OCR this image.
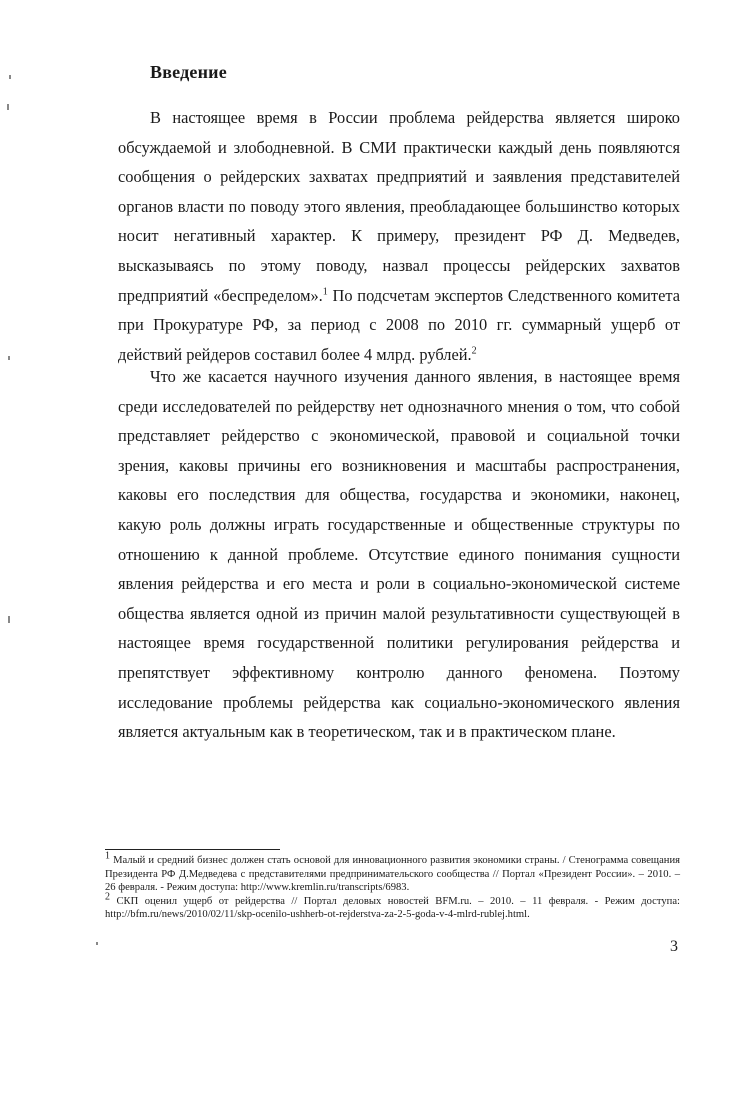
Введение

В настоящее время в России проблема рейдерства является широко обсуждаемой и злободневной. В СМИ практически каждый день появляются сообщения о рейдерских захватах предприятий и заявления представителей органов власти по поводу этого явления, преобладающее большинство которых носит негативный характер. К примеру, президент РФ Д. Медведев, высказываясь по этому поводу, назвал процессы рейдерских захватов предприятий «беспределом».$^1$ По подсчетам экспертов Следственного комитета при Прокуратуре РФ, за период с 2008 по 2010 гг. суммарный ущерб от действий рейдеров составил более 4 млрд. рублей.$^2$

Что же касается научного изучения данного явления, в настоящее время среди исследователей по рейдерству нет однозначного мнения о том, что собой представляет рейдерство с экономической, правовой и социальной точки зрения, каковы причины его возникновения и масштабы распространения, каковы его последствия для общества, государства и экономики, наконец, какую роль должны играть государственные и общественные структуры по отношению к данной проблеме. Отсутствие единого понимания сущности явления рейдерства и его места и роли в социально-экономической системе общества является одной из причин малой результативности существующей в настоящее время государственной политики регулирования рейдерства и препятствует эффективному контролю данного феномена. Поэтому исследование проблемы рейдерства как социально-экономического явления является актуальным как в теоретическом, так и в практическом плане.

$^1$ Малый и средний бизнес должен стать основой для инновационного развития экономики страны. / Стенограмма совещания Президента РФ Д.Медведева с представителями предпринимательского сообщества // Портал «Президент России». – 2010. – 26 февраля. - Режим доступа: http://www.kremlin.ru/transcripts/6983.

$^2$ СКП оценил ущерб от рейдерства // Портал деловых новостей BFM.ru. – 2010. – 11 февраля. - Режим доступа: http://bfm.ru/news/2010/02/11/skp-ocenilo-ushherb-ot-rejderstva-za-2-5-goda-v-4-mlrd-rublej.html.

3
